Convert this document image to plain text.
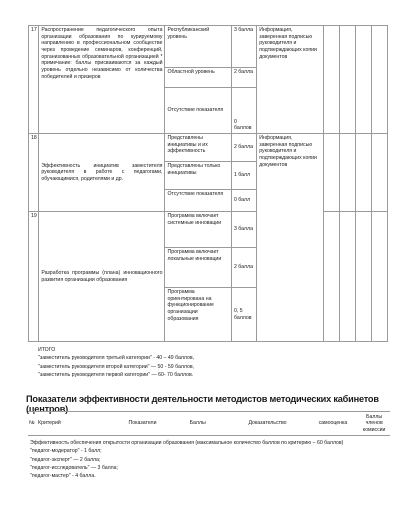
17	Распространение педагогического опыта организации образования по курируемому направлению в профессиональном сообществе через проведение семинаров, конференций, организованных образовательной организацией * примечание: баллы присваиваются за каждый уровень отдельно независимо от количества победителей и призеров	Республиканский уровень	3 балла	Информация, заверенная подписью руководителя и подтверждающих копии документов				
		Областной уровень	2 балла					
		Отсутствие показателя	0 баллов					
18	Эффективность инициатив заместителя руководителя в работе с педагогами, обучающимися, родителями и др.	Представлены инициативы и их эффективность	2 балла	Информация, заверенная подписью руководителя и подтверждающих копии документов				
		Представлены только инициативы	1 балл					
		Отсутствие показателя	0 балл					
19	Разработка программы (плана) инновационного развития организации образования	Программа включает системные инновации	3 балла					
		Программа включает локальные инновации	2 балла					
		Программа ориентирована на функционирование организации образования	0, 5 баллов					
ИТОГО
"заместитель руководителя третьей категории" - 40 – 49 баллов,
"заместитель руководителя второй категории" — 50 - 59 баллов,
"заместитель руководителя первой категории" — 60- 70 баллов.
Показатели эффективности деятельности методистов методических кабинетов (центров)
№	Критерий	Показатели	Баллы	Доказательство	самооценка	Баллы членов комиссии
Эффективность обеспечения открытости организации образования (максимальное количество баллов по критерию – 60 баллов)
"педагог-модератор" - 1 балл;
"педагог-эксперт" — 2 балла;
"педагог-исследователь" — 3 балла;
"педагог-мастер" - 4 балла.
